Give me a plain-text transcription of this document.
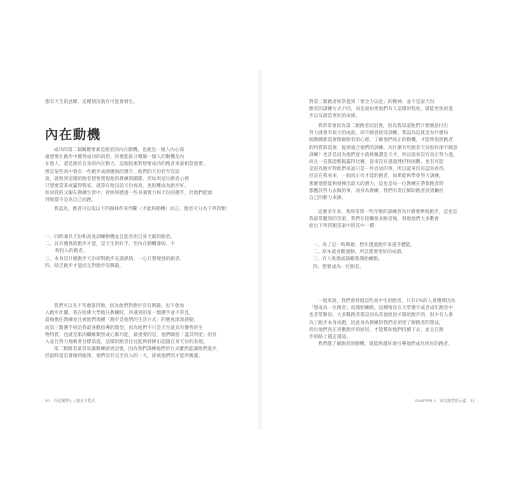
都有天生的意願，這種情況就有可能會發生。
內在動機
成功的第二個關鍵要素是跑者的內在動機，也就是一個人內心深
處想要在跑步中獲得成功的渴望。你要能區分哪個一個人的動機是內
在他人，還是源於自身的內在動力。這個因素對想要成功的跑者來說相當重要。
像是某些高中會有一些跑步成績優異的選手，他們的天份甚至沒話
說，就收到這樣的跑者想要實現他的教練與團隊，但如果這位跑者心裡
只想要當某或贏得獎家，就算有他良前天份再高，也很難成為跑步好。
如同我的父親在教練生涯中，曾經經歷過一些身兼實力和天份的選手，但他們從頭
到尾都不是為自己而跑。
我認為，跑者可以依以下四個條件來判斷（才能和動機）而言，跑者可分為下列四類：
一、同時兼具天份和高度訓練動機並且能善用自身天賦的跑者。
二、具有優異的跑步才能，是天生的好手，但內在動機薄弱，不
夠投入的跑者。
三、本身沒什麼跑步天份卻對跑步充滿熱情，一心只想變強的跑者。
四、缺乏跑步才能而且對跑步沒興趣。
我們可以先不考慮第四類，因為他們對跑步沒有興趣，也不會加
入跑步社團。我在哈佛大學擔任教練時，所遇到的第一類選手並不常見，
最後擔任教練並且被他們那種「跑步是他們的生活方式」的態度深深感動，
而第三類選手則是我最喜歡指導的類型，因為他們不只是天生就具有優秀的生
物特質，也就是肌肉纖維類型或心肺功能，最重要的是，他們願意「盡其所能」的投
入並且努力地朝著目標前進，這樣的跑者往往能夠發揮出超越自身天份的表現。
第二類跑者最容易讓教練感到沮喪，因為我們訓練他們的方式雖然能讓他們進步，
但最終還是會碰到瓶頸，他們沒有完全投入的一天，卻被他們的才能所掩蓋。
50　丹尼爾博士 | 跑步方程式
對第三類跑者經常提到「要全力以赴」的精神，並不是說天份
跑者的訓練方式不同，而是說如果他們有人這樣的程度，就能更快的進
步以及創造更好的成績。
我常常會因為第二類跑者而沮喪，因為我知道他們只要願意付出
努力就會有很大的成就，卻不願意接受訓練。我認為這就是為什麼每
個教練都需要理解跑者的心理，了解他們真正的動機，才能夠依照跑者
的特質與需要，提供適合他們的訓練。為什麼有些跑者天份很好卻不願意
訓練？也許是因為他們從小就被稱讚是天才，所以從來沒有真正努力過，
而且一直都能輕鬆贏得比賽，從來沒有遇過挫折和困難。也有可能
是因為跑步對他們來說只是一件容易的事，所以從來沒有認真看待。
但是在我看來，一個真正有才能的跑者，如果能夠學會努力訓練，
那麼他將能夠發揮出最大的潛力，這也是每一位教練在帶領跑者時
都應該努力去做的事，而身為教練，我們有責任幫助跑者找到屬於
自己的動力來源。
這麼多年來，我經常問一些年輕的訓練者為什麼要參與跑步，這也是
我最常聽到的答案，我們在接觸很多跑者後，發現他們大多數會
給出下列四類答案中的其中一種：
一、為了是一時興趣，想先透過跑步來提升體能。
二、原本就喜歡運動，所以想要更好的成績。
三、有人推薦或鼓勵我開始練跑。
四、想要成為一位跑者。
一般來說，我們會發現這些高中生的跑者，只有1%的人會選擇因為
「想成為一位跑者」而開始練跑。這種情況在大學選手或者成年跑者中
也非常類似，大多數跑者都是因為其他原因才開始跑步的，很少有人會
為了跑步本身而跑，因此身為教練的我們必須更了解跑者的想法，
找出他們真正喜歡跑步的原因，才能幫助他們持續下去，並且在跑
步的路上越走越遠。
我們越了解跑者的動機，就能夠越好地引導他們成為更好的跑者。
CHAPTER 1　成功跑者的元素　51
